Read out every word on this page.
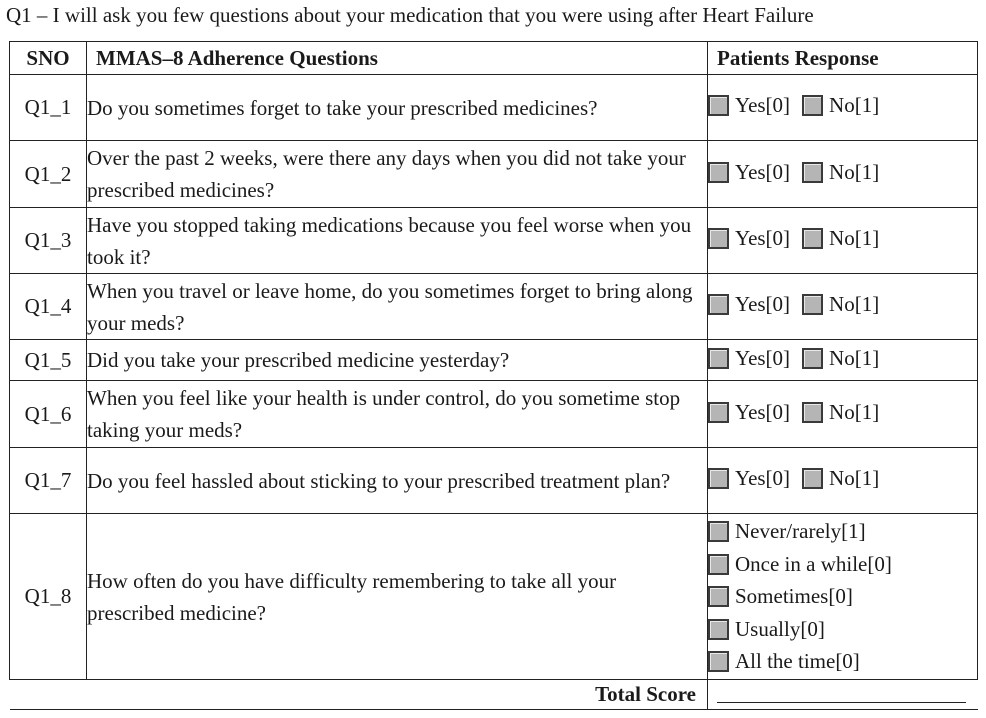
Q1 – I will ask you few questions about your medication that you were using after Heart Failure
SNO	MMAS–8 Adherence Questions	Patients Response
Q1_1	Do you sometimes forget to take your prescribed medicines?	Yes[0] No[1]

Q1_2	Over the past 2 weeks, were there any days when you did not take your prescribed medicines?	Yes[0] No[1]

Q1_3	Have you stopped taking medications because you feel worse when you took it?	Yes[0] No[1]

Q1_4	When you travel or leave home, do you sometimes forget to bring along your meds?	Yes[0] No[1]

Q1_5	Did you take your prescribed medicine yesterday?	Yes[0] No[1]

Q1_6	When you feel like your health is under control, do you sometime stop taking your meds?	Yes[0] No[1]

Q1_7	Do you feel hassled about sticking to your prescribed treatment plan?	Yes[0] No[1]

Q1_8	How often do you have difficulty remembering to take all your prescribed medicine?	Never/rarely[1]
Once in a while[0]
Sometimes[0]
Usually[0]
All the time[0]

	Total Score	
